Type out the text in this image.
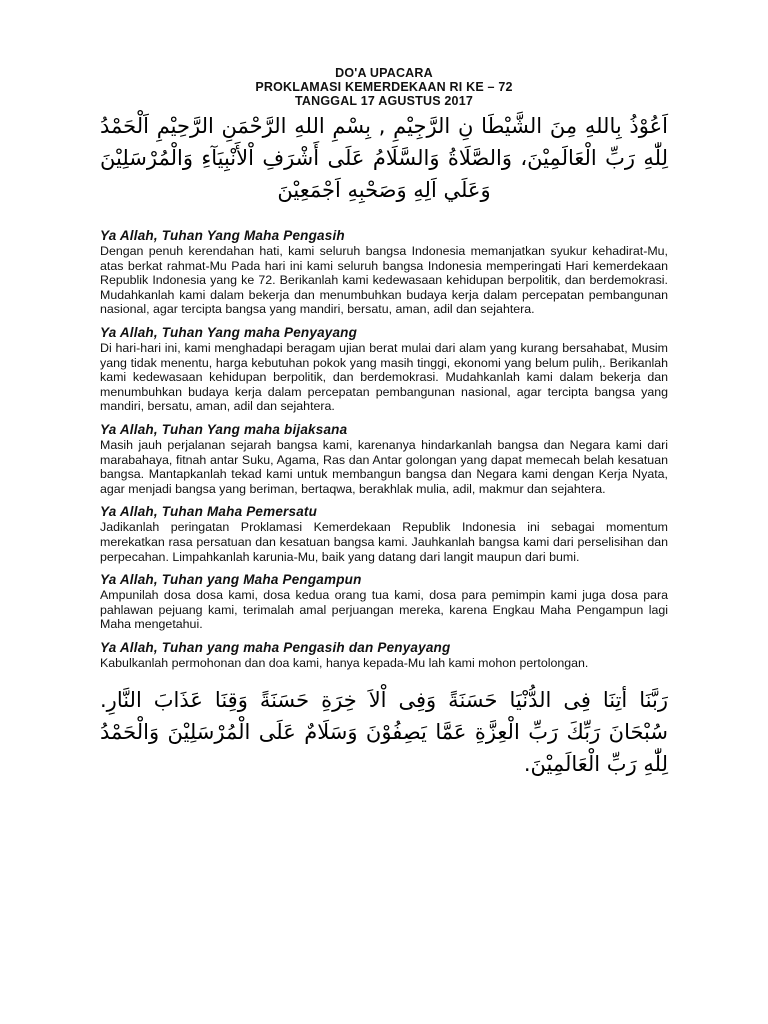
DO'A UPACARA
PROKLAMASI KEMERDEKAAN RI KE – 72
TANGGAL 17 AGUSTUS 2017
اَعُوْذُ بِاللهِ مِنَ الشَّيْطَا نِ الرَّجِيْمِ , بِسْمِ اللهِ الرَّحْمَنِ الرَّحِيْمِ اَلْحَمْدُ لِلّٰهِ رَبِّ الْعَالَمِيْنَ، وَالصَّلَاةُ وَالسَّلَامُ عَلَى أَشْرَفِ اْلأَنْبِيَآءِ وَالْمُرْسَلِيْنَ وَعَلَي اَلِهِ وَصَحْبِهِ اَجْمَعِيْنَ

Ya Allah, Tuhan Yang Maha Pengasih

Dengan penuh kerendahan hati, kami seluruh bangsa Indonesia memanjatkan syukur kehadirat-Mu, atas berkat rahmat-Mu Pada hari ini kami seluruh bangsa Indonesia memperingati Hari kemerdekaan Republik Indonesia yang ke 72. Berikanlah kami kedewasaan kehidupan berpolitik, dan berdemokrasi. Mudahkanlah kami dalam bekerja dan menumbuhkan budaya kerja dalam percepatan pembangunan nasional, agar tercipta bangsa yang mandiri, bersatu, aman, adil dan sejahtera.

Ya Allah, Tuhan Yang maha Penyayang

Di hari-hari ini, kami menghadapi beragam ujian berat mulai dari alam yang kurang bersahabat, Musim yang tidak menentu, harga kebutuhan pokok yang masih tinggi, ekonomi yang belum pulih,. Berikanlah kami kedewasaan kehidupan berpolitik, dan berdemokrasi. Mudahkanlah kami dalam bekerja dan menumbuhkan budaya kerja dalam percepatan pembangunan nasional, agar tercipta bangsa yang mandiri, bersatu, aman, adil dan sejahtera.

Ya Allah, Tuhan Yang maha bijaksana

Masih jauh perjalanan sejarah bangsa kami, karenanya hindarkanlah bangsa dan Negara kami dari marabahaya, fitnah antar Suku, Agama, Ras dan Antar golongan yang dapat memecah belah kesatuan bangsa. Mantapkanlah tekad kami untuk membangun bangsa dan Negara kami dengan Kerja Nyata, agar menjadi bangsa yang beriman, bertaqwa, berakhlak mulia, adil, makmur dan sejahtera.

Ya Allah, Tuhan Maha Pemersatu

Jadikanlah peringatan Proklamasi Kemerdekaan Republik Indonesia ini sebagai momentum merekatkan rasa persatuan dan kesatuan bangsa kami. Jauhkanlah bangsa kami dari perselisihan dan perpecahan. Limpahkanlah karunia-Mu, baik yang datang dari langit maupun dari bumi.

Ya Allah, Tuhan yang Maha Pengampun

Ampunilah dosa dosa kami, dosa kedua orang tua kami, dosa para pemimpin kami juga dosa para pahlawan pejuang kami, terimalah amal perjuangan mereka, karena Engkau Maha Pengampun lagi Maha mengetahui.

Ya Allah, Tuhan yang maha Pengasih dan Penyayang

Kabulkanlah permohonan dan doa kami, hanya kepada-Mu lah kami mohon pertolongan.

رَبَّنَا أتِنَا فِى الدُّنْيَا حَسَنَةً وَفِى اْلاَ خِرَةِ حَسَنَةً وَقِنَا عَذَابَ النَّارِ. سُبْحَانَ رَبِّكَ رَبِّ الْعِزَّةِ عَمَّا يَصِفُوْنَ وَسَلَامٌ عَلَى الْمُرْسَلِيْنَ وَالْحَمْدُ لِلّٰهِ رَبِّ الْعَالَمِيْنَ.
